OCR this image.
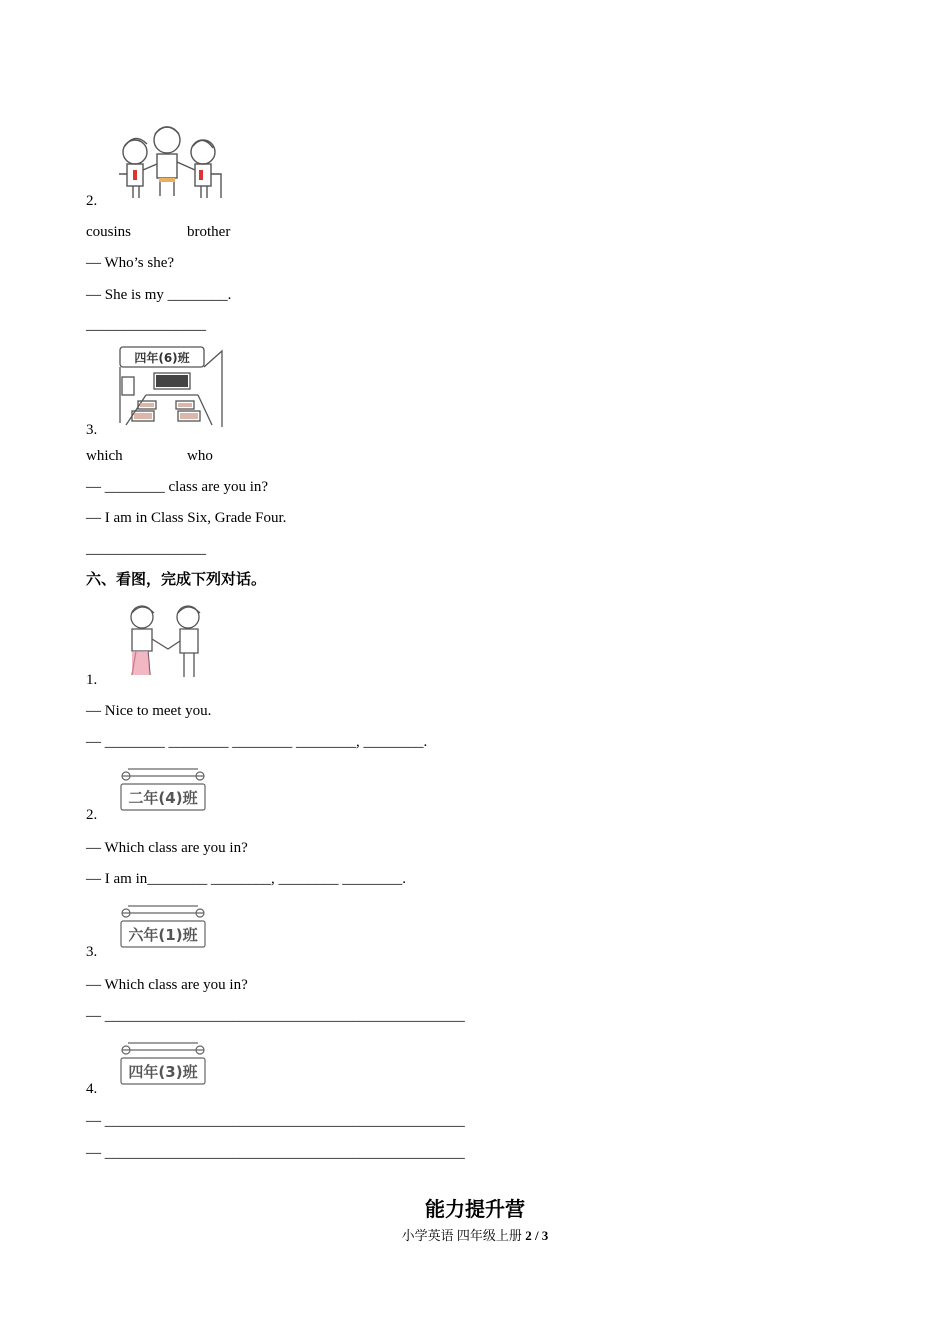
2.
cousins	brother
— Who’s she?
— She is my ________.
________________
四年(6)班
3.
which	who
— ________ class are you in?
— I am in Class Six, Grade Four.
________________
六、看图，完成下列对话。
1.
— Nice to meet you.
— ________ ________ ________ ________, ________.
二年(4)班
2.
— Which class are you in?
— I am in________ ________, ________ ________.
六年(1)班
3.
— Which class are you in?
— ________________________________________________
四年(3)班
4.
— ________________________________________________
— ________________________________________________
能力提升营
小学英语 四年级上册 2 / 3
